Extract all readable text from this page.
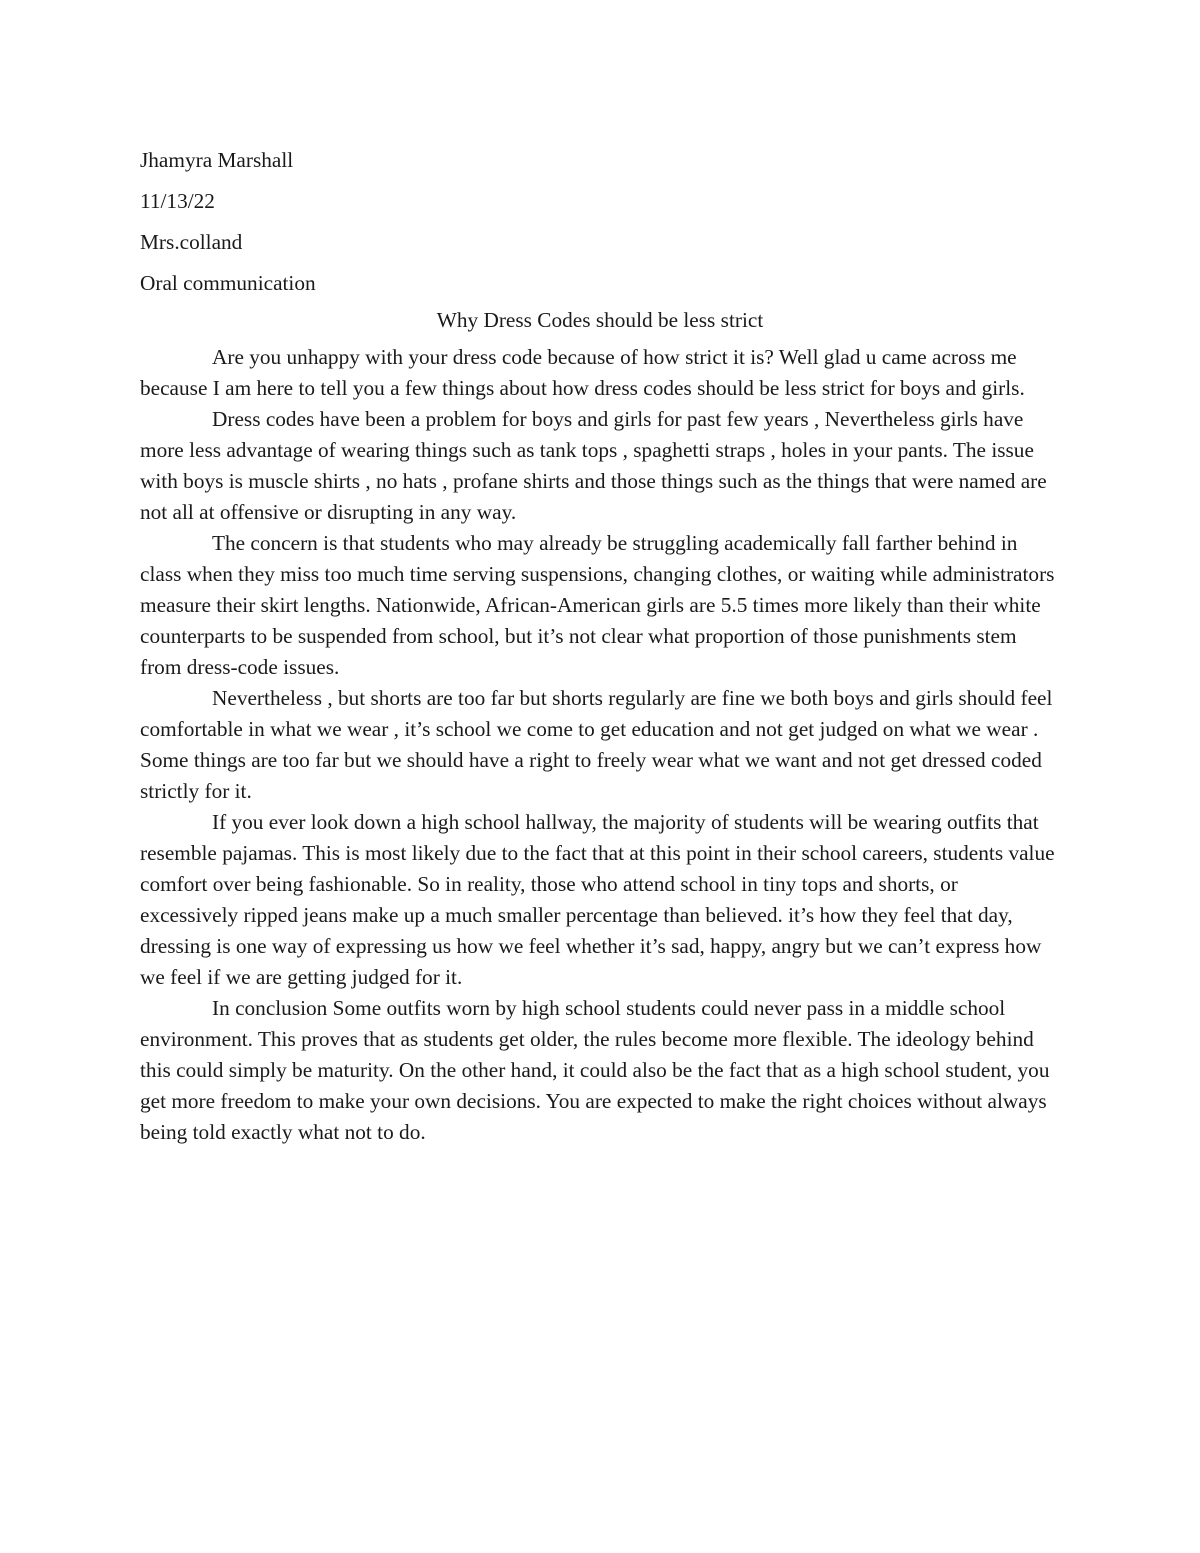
Jhamyra Marshall
11/13/22
Mrs.colland
Oral communication
Why Dress Codes should be less strict

Are you unhappy with your dress code because of how strict it is? Well glad u came across me because I am here to tell you a few things about how dress codes should be less strict for boys and girls.

Dress codes have been a problem for boys and girls for past few years , Nevertheless girls have more less advantage of wearing things such as tank tops , spaghetti straps , holes in your pants. The issue with boys is muscle shirts , no hats , profane shirts and those things such as the things that were named are not all at offensive or disrupting in any way.

The concern is that students who may already be struggling academically fall farther behind in class when they miss too much time serving suspensions, changing clothes, or waiting while administrators measure their skirt lengths. Nationwide, African-American girls are 5.5 times more likely than their white counterparts to be suspended from school, but it’s not clear what proportion of those punishments stem from dress-code issues.

Nevertheless , but shorts are too far but shorts regularly are fine we both boys and girls should feel comfortable in what we wear , it’s school we come to get education and not get judged on what we wear . Some things are too far but we should have a right to freely wear what we want and not get dressed coded strictly for it.

If you ever look down a high school hallway, the majority of students will be wearing outfits that resemble pajamas. This is most likely due to the fact that at this point in their school careers, students value comfort over being fashionable. So in reality, those who attend school in tiny tops and shorts, or excessively ripped jeans make up a much smaller percentage than believed. it’s how they feel that day, dressing is one way of expressing us how we feel whether it’s sad, happy, angry but we can’t express how we feel if we are getting judged for it.

In conclusion Some outfits worn by high school students could never pass in a middle school environment. This proves that as students get older, the rules become more flexible. The ideology behind this could simply be maturity. On the other hand, it could also be the fact that as a high school student, you get more freedom to make your own decisions. You are expected to make the right choices without always being told exactly what not to do.
